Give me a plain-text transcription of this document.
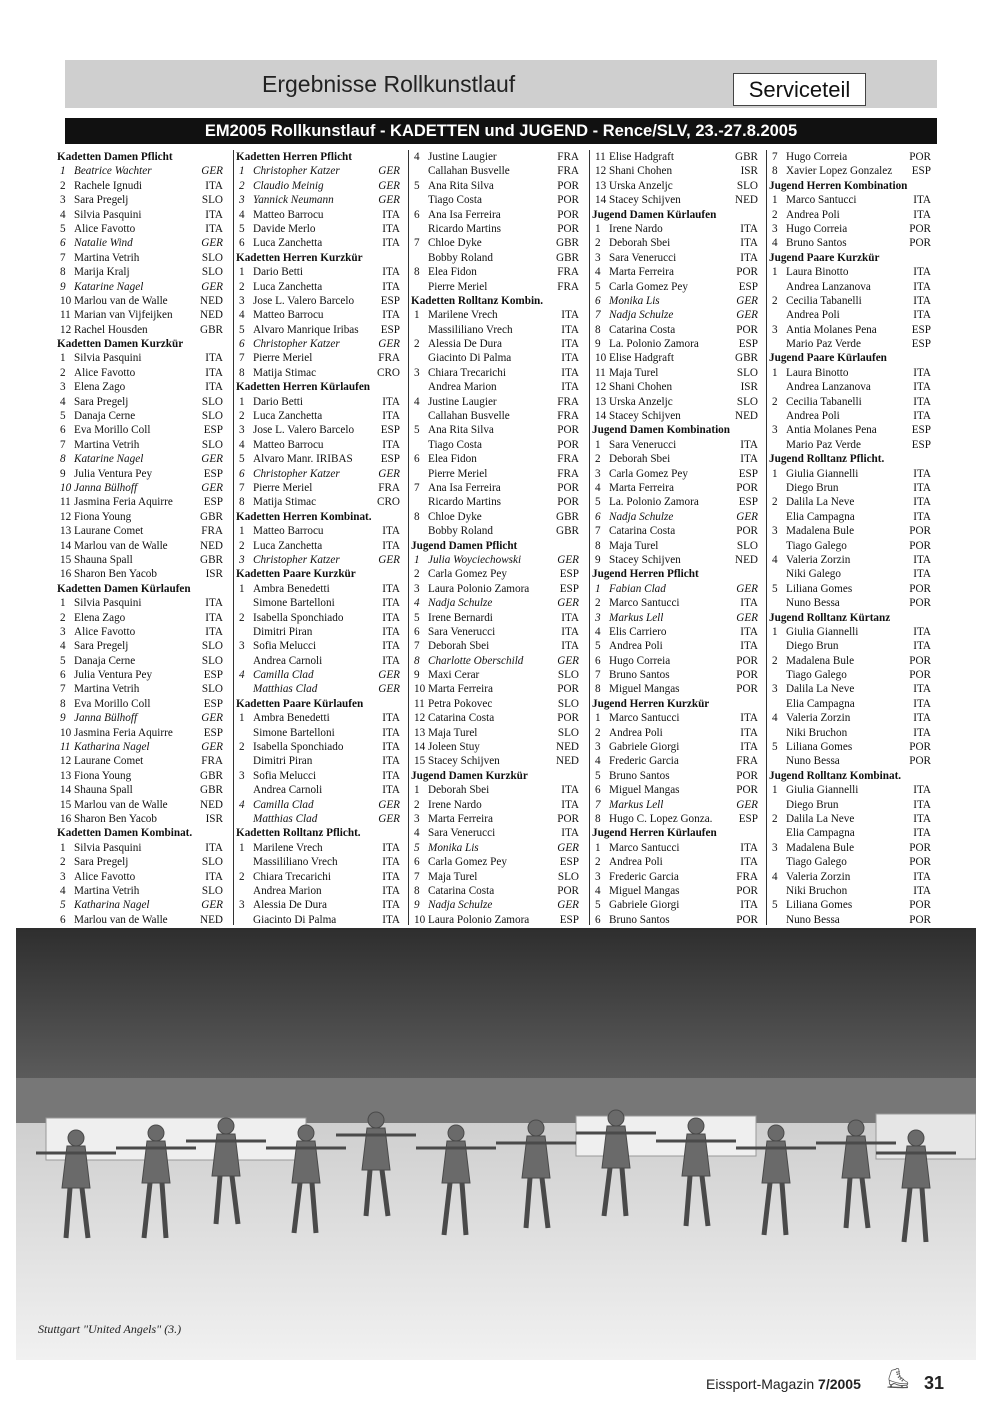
Ergebnisse Rollkunstlauf	Serviceteil
EM2005 Rollkunstlauf - KADETTEN und JUGEND - Rence/SLV, 23.-27.8.2005
Kadetten Damen Pflicht
1 Beatrice Wachter	GER
2 Rachele Ignudi	ITA
3 Sara Pregelj	SLO
4 Silvia Pasquini	ITA
5 Alice Favotto	ITA
6 Natalie Wind	GER
7 Martina Vetrih	SLO
8 Marija Kralj	SLO
9 Katarine Nagel	GER
10 Marlou van de Walle	NED
11 Marian van Vijfeijken NED
12 Rachel Housden	GBR
Kadetten Damen Kurzkür
1 Silvia Pasquini	ITA
2 Alice Favotto	ITA
3 Elena Zago	ITA
4 Sara Pregelj	SLO
5 Danaja Cerne	SLO
6 Eva Morillo Coll	ESP
7 Martina Vetrih	SLO
8 Katarine Nagel	GER
9 Julia Ventura Pey	ESP
10 Janna Bülhoff	GER
11 Jasmina Feria Aquirre	ESP
12 Fiona Young	GBR
13 Laurane Comet	FRA
14 Marlou van de Walle	NED
15 Shauna Spall	GBR
16 Sharon Ben Yacob	ISR
Kadetten Damen Kürlaufen
1 Silvia Pasquini	ITA
2 Elena Zago	ITA
3 Alice Favotto	ITA
4 Sara Pregelj	SLO
5 Danaja Cerne	SLO
6 Julia Ventura Pey	ESP
7 Martina Vetrih	SLO
8 Eva Morillo Coll	ESP
9 Janna Bülhoff	GER
10 Jasmina Feria Aquirre	ESP
11 Katharina Nagel	GER
12 Laurane Comet	FRA
13 Fiona Young	GBR
14 Shauna Spall	GBR
15 Marlou van de Walle	NED
16 Sharon Ben Yacob	ISR
Kadetten Damen Kombinat.
1 Silvia Pasquini	ITA
2 Sara Pregelj	SLO
3 Alice Favotto	ITA
4 Martina Vetrih	SLO
5 Katharina Nagel	GER
6 Marlou van de Walle	NED
Kadetten Herren Pflicht
1 Christopher Katzer	GER
2 Claudio Meinig	GER
3 Yannick Neumann	GER
4 Matteo Barrocu	ITA
5 Davide Merlo	ITA
6 Luca Zanchetta	ITA
Kadetten Herren Kurzkür
1 Dario Betti	ITA
2 Luca Zanchetta	ITA
3 Jose L. Valero Barcelo ESP
4 Matteo Barrocu	ITA
5 Alvaro Manrique Iribas ESP
6 Christopher Katzer	GER
7 Pierre Meriel	FRA
8 Matija Stimac	CRO
Kadetten Herren Kürlaufen
1 Dario Betti	ITA
2 Luca Zanchetta	ITA
3 Jose L. Valero Barcelo ESP
4 Matteo Barrocu	ITA
5 Alvaro Manr. IRIBAS ESP
6 Christopher Katzer	GER
7 Pierre Meriel	FRA
8 Matija Stimac	CRO
Kadetten Herren Kombinat.
1 Matteo Barrocu	ITA
2 Luca Zanchetta	ITA
3 Christopher Katzer	GER
Kadetten Paare Kurzkür
1 Ambra Benedetti	ITA
Simone Bartelloni	ITA
2 Isabella Sponchiado	ITA
Dimitri Piran	ITA
3 Sofia Melucci	ITA
Andrea Carnoli	ITA
4 Camilla Clad	GER
Matthias Clad	GER
Kadetten Paare Kürlaufen
1 Ambra Benedetti	ITA
Simone Bartelloni	ITA
2 Isabella Sponchiado	ITA
Dimitri Piran	ITA
3 Sofia Melucci	ITA
Andrea Carnoli	ITA
4 Camilla Clad	GER
Matthias Clad	GER
Kadetten Rolltanz Pflicht.
1 Marilene Vrech	ITA
Massililiano Vrech	ITA
2 Chiara Trecarichi	ITA
Andrea Marion	ITA
3 Alessia De Dura	ITA
Giacinto Di Palma	ITA
4 Justine Laugier	FRA
Callahan Busvelle	FRA
5 Ana Rita Silva	POR
Tiago Costa	POR
6 Ana Isa Ferreira	POR
Ricardo Martins	POR
7 Chloe Dyke	GBR
Bobby Roland	GBR
8 Elea Fidon	FRA
Pierre Meriel	FRA
Kadetten Rolltanz Kombin.
1 Marilene Vrech	ITA
Massililiano Vrech	ITA
2 Alessia De Dura	ITA
Giacinto Di Palma	ITA
3 Chiara Trecarichi	ITA
Andrea Marion	ITA
4 Justine Laugier	FRA
Callahan Busvelle	FRA
5 Ana Rita Silva	POR
Tiago Costa	POR
6 Elea Fidon	FRA
Pierre Meriel	FRA
7 Ana Isa Ferreira	POR
Ricardo Martins	POR
8 Chloe Dyke	GBR
Bobby Roland	GBR
Jugend Damen Pflicht
1 Julia Woyciechowski	GER
2 Carla Gomez Pey	ESP
3 Laura Polonio Zamora	ESP
4 Nadja Schulze	GER
5 Irene Bernardi	ITA
6 Sara Venerucci	ITA
7 Deborah Sbei	ITA
8 Charlotte Oberschild	GER
9 Maxi Cerar	SLO
10 Marta Ferreira	POR
11 Petra Pokovec	SLO
12 Catarina Costa	POR
13 Maja Turel	SLO
14 Joleen Stuy	NED
15 Stacey Schijven	NED
Jugend Damen Kurzkür
1 Deborah Sbei	ITA
2 Irene Nardo	ITA
3 Marta Ferreira	POR
4 Sara Venerucci	ITA
5 Monika Lis	GER
6 Carla Gomez Pey	ESP
7 Maja Turel	SLO
8 Catarina Costa	POR
9 Nadja Schulze	GER
10 Laura Polonio Zamora	ESP
11 Elise Hadgraft	GBR
12 Shani Chohen	ISR
13 Urska Anzelјc	SLO
14 Stacey Schijven	NED
Jugend Damen Kürlaufen
1 Irene Nardo	ITA
2 Deborah Sbei	ITA
3 Sara Venerucci	ITA
4 Marta Ferreira	POR
5 Carla Gomez Pey	ESP
6 Monika Lis	GER
7 Nadja Schulze	GER
8 Catarina Costa	POR
9 La. Polonio Zamora	ESP
10 Elise Hadgraft	GBR
11 Maja Turel	SLO
12 Shani Chohen	ISR
13 Urska Anzelјc	SLO
14 Stacey Schijven	NED
Jugend Damen Kombination
1 Sara Venerucci	ITA
2 Deborah Sbei	ITA
3 Carla Gomez Pey	ESP
4 Marta Ferreira	POR
5 La. Polonio Zamora	ESP
6 Nadja Schulze	GER
7 Catarina Costa	POR
8 Maja Turel	SLO
9 Stacey Schijven	NED
Jugend Herren Pflicht
1 Fabian Clad	GER
2 Marco Santucci	ITA
3 Markus Lell	GER
4 Elis Carriero	ITA
5 Andrea Poli	ITA
6 Hugo Correia	POR
7 Bruno Santos	POR
8 Miguel Mangas	POR
Jugend Herren Kurzkür
1 Marco Santucci	ITA
2 Andrea Poli	ITA
3 Gabriele Giorgi	ITA
4 Frederic Garcia	FRA
5 Bruno Santos	POR
6 Miguel Mangas	POR
7 Markus Lell	GER
8 Hugo C. Lopez Gonza. ESP
Jugend Herren Kürlaufen
1 Marco Santucci	ITA
2 Andrea Poli	ITA
3 Frederic Garcia	FRA
4 Miguel Mangas	POR
5 Gabriele Giorgi	ITA
6 Bruno Santos	POR
7 Hugo Correia	POR
8 Xavier Lopez Gonzalez ESP
Jugend Herren Kombination
1 Marco Santucci	ITA
2 Andrea Poli	ITA
3 Hugo Correia	POR
4 Bruno Santos	POR
Jugend Paare Kurzkür
1 Laura Binotto	ITA
Andrea Lanzanova	ITA
2 Cecilia Tabanelli	ITA
Andrea Poli	ITA
3 Antia Molanes Pena	ESP
Mario Paz Verde	ESP
Jugend Paare Kürlaufen
1 Laura Binotto	ITA
Andrea Lanzanova	ITA
2 Cecilia Tabanelli	ITA
Andrea Poli	ITA
3 Antia Molanes Pena	ESP
Mario Paz Verde	ESP
Jugend Rolltanz Pflicht.
1 Giulia Giannelli	ITA
Diego Brun	ITA
2 Dalila La Neve	ITA
Elia Campagna	ITA
3 Madalena Bule	POR
Tiago Galego	POR
4 Valeria Zorzin	ITA
Niki Galego	ITA
5 Liliana Gomes	POR
Nuno Bessa	POR
Jugend Rolltanz Kürtanz
1 Giulia Giannelli	ITA
Diego Brun	ITA
2 Madalena Bule	POR
Tiago Galego	POR
3 Dalila La Neve	ITA
Elia Campagna	ITA
4 Valeria Zorzin	ITA
Niki Bruchon	ITA
5 Liliana Gomes	POR
Nuno Bessa	POR
Jugend Rolltanz Kombinat.
1 Giulia Giannelli	ITA
Diego Brun	ITA
2 Dalila La Neve	ITA
Elia Campagna	ITA
3 Madalena Bule	POR
Tiago Galego	POR
4 Valeria Zorzin	ITA
Niki Bruchon	ITA
5 Liliana Gomes	POR
Nuno Bessa	POR
Stuttgart "United Angels" (3.)
Eissport-Magazin 7/2005 ⛸ 31
